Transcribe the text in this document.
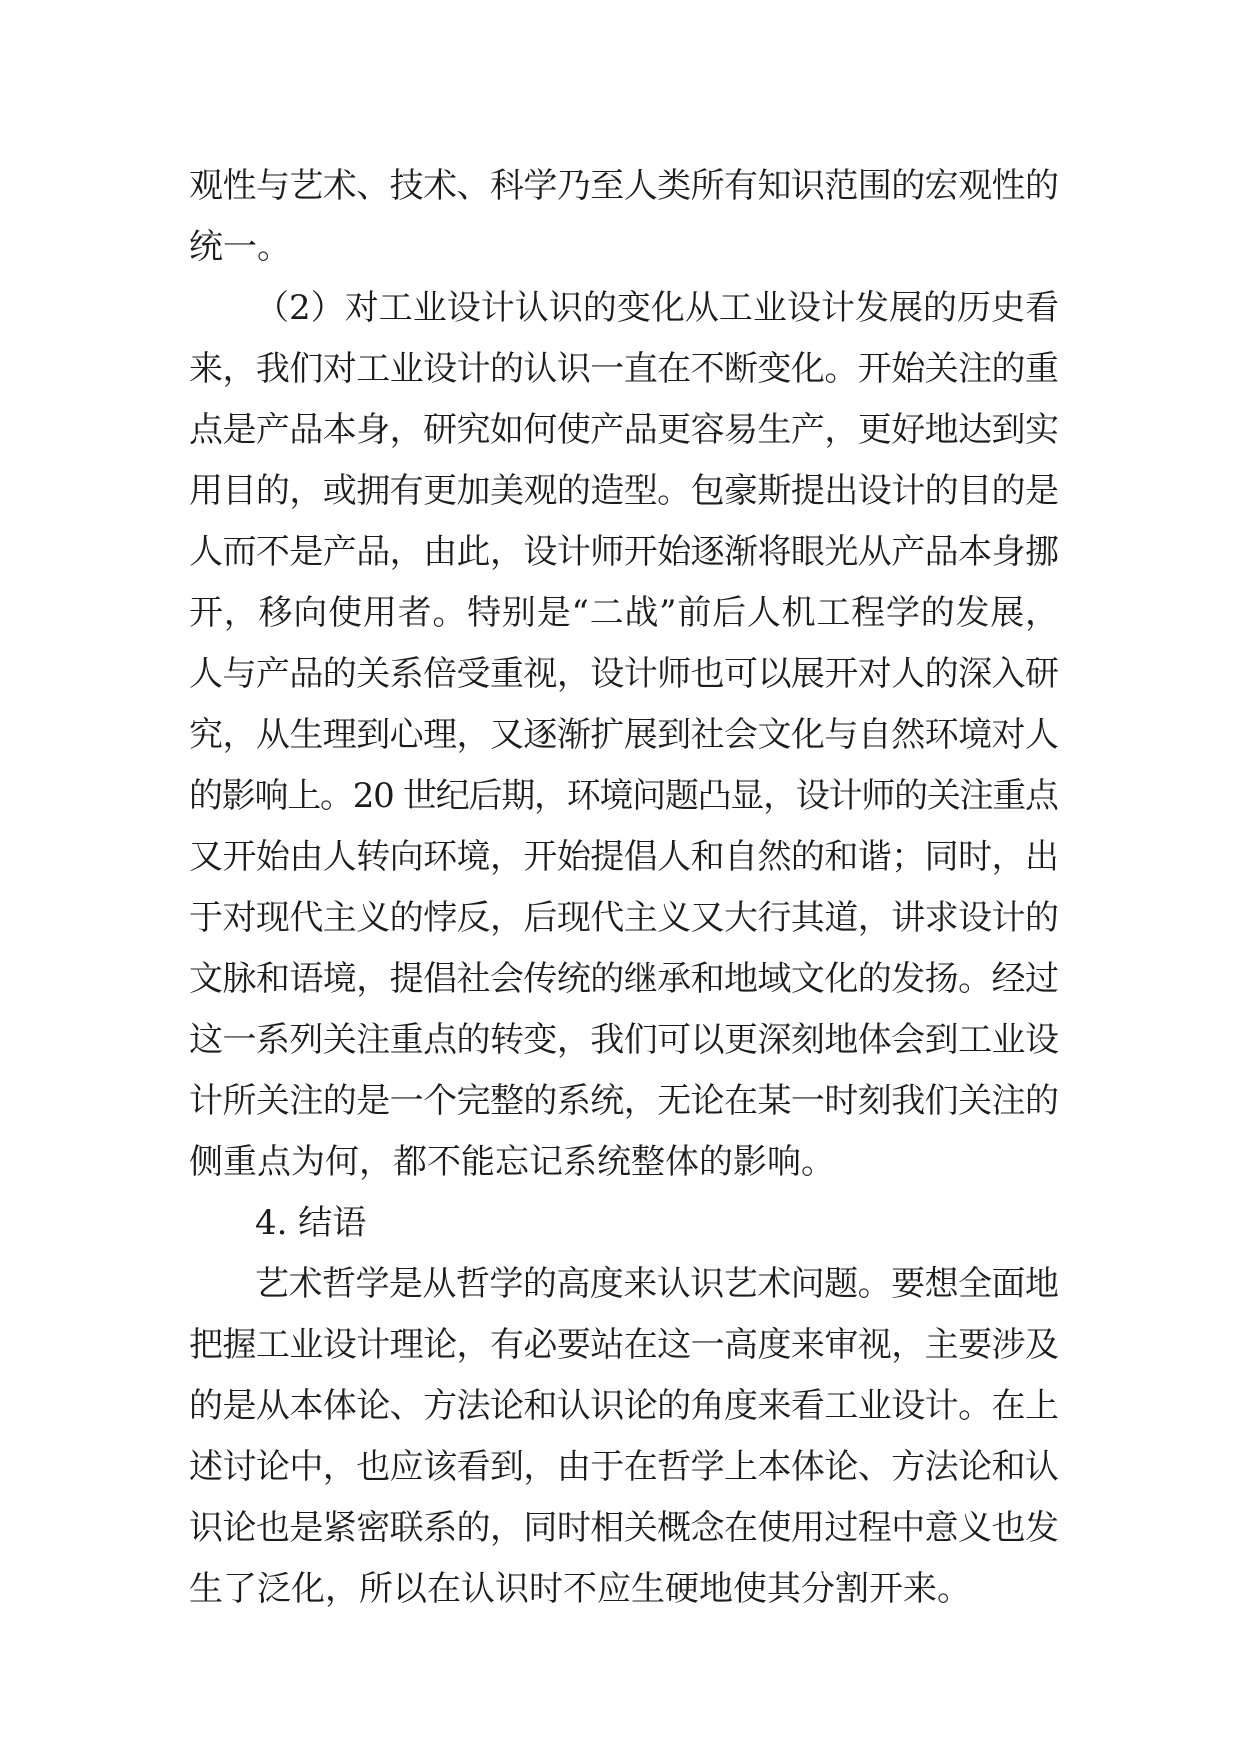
观性与艺术、技术、科学乃至人类所有知识范围的宏观性的
统一。
（2）对工业设计认识的变化从工业设计发展的历史看
来，我们对工业设计的认识一直在不断变化。开始关注的重
点是产品本身，研究如何使产品更容易生产，更好地达到实
用目的，或拥有更加美观的造型。包豪斯提出设计的目的是
人而不是产品，由此，设计师开始逐渐将眼光从产品本身挪
开，移向使用者。特别是“二战”前后人机工程学的发展，
人与产品的关系倍受重视，设计师也可以展开对人的深入研
究，从生理到心理，又逐渐扩展到社会文化与自然环境对人
的影响上。20 世纪后期，环境问题凸显，设计师的关注重点
又开始由人转向环境，开始提倡人和自然的和谐；同时，出
于对现代主义的悖反，后现代主义又大行其道，讲求设计的
文脉和语境，提倡社会传统的继承和地域文化的发扬。经过
这一系列关注重点的转变，我们可以更深刻地体会到工业设
计所关注的是一个完整的系统，无论在某一时刻我们关注的
侧重点为何，都不能忘记系统整体的影响。
4. 结语
艺术哲学是从哲学的高度来认识艺术问题。要想全面地
把握工业设计理论，有必要站在这一高度来审视，主要涉及
的是从本体论、方法论和认识论的角度来看工业设计。在上
述讨论中，也应该看到，由于在哲学上本体论、方法论和认
识论也是紧密联系的，同时相关概念在使用过程中意义也发
生了泛化，所以在认识时不应生硬地使其分割开来。
